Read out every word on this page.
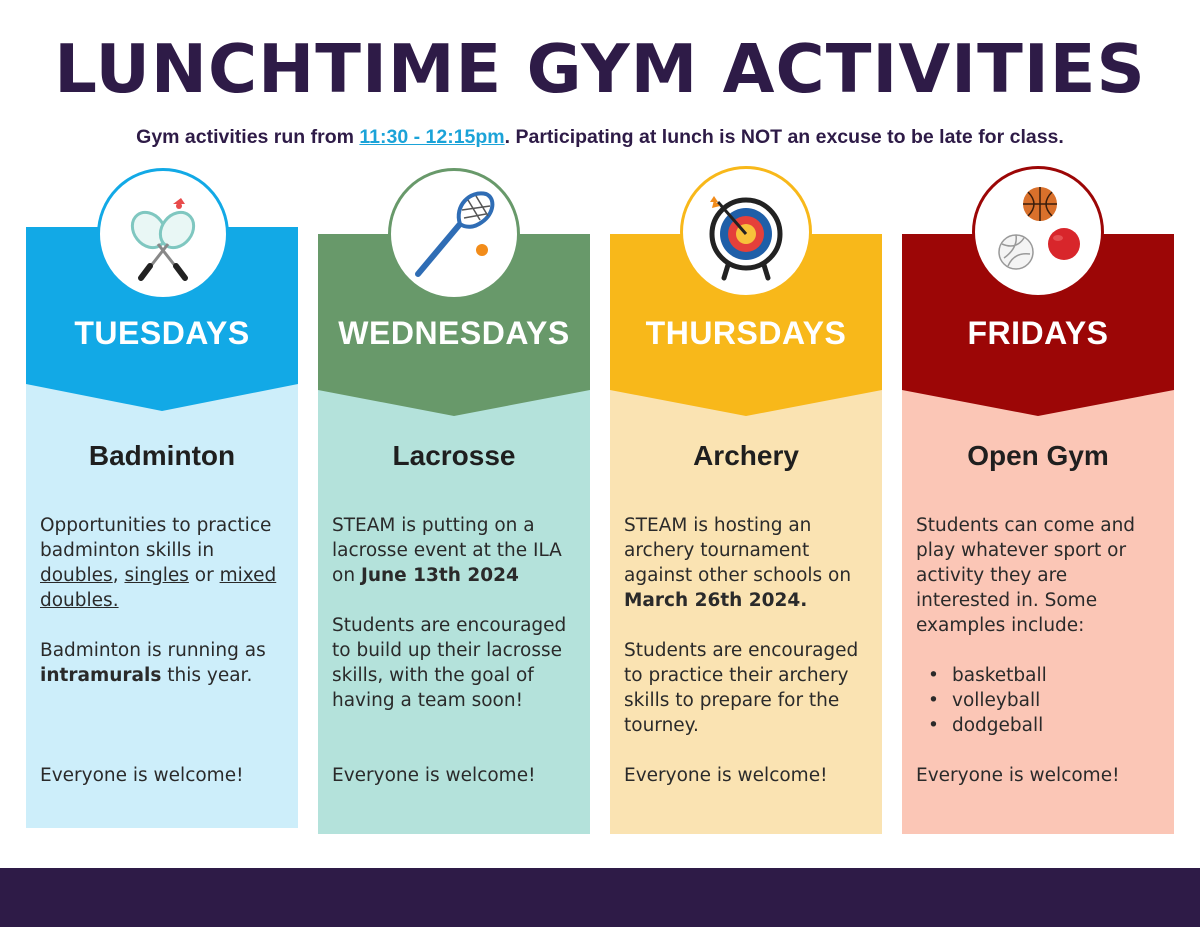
LUNCHTIME GYM ACTIVITIES
Gym activities run from 11:30 - 12:15pm. Participating at lunch is NOT an excuse to be late for class.
TUESDAYS
Badminton

Opportunities to practice badminton skills in doubles, singles or mixed doubles.

Badminton is running as intramurals this year.

Everyone is welcome!
WEDNESDAYS
Lacrosse

STEAM is putting on a lacrosse event at the ILA on June 13th 2024

Students are encouraged to build up their lacrosse skills, with the goal of having a team soon!

Everyone is welcome!
THURSDAYS
Archery

STEAM is hosting an archery tournament against other schools on March 26th 2024.

Students are encouraged to practice their archery skills to prepare for the tourney.

Everyone is welcome!
FRIDAYS
Open Gym

Students can come and play whatever sport or activity they are interested in. Some examples include:

• basketball
• volleyball
• dodgeball
Everyone is welcome!
